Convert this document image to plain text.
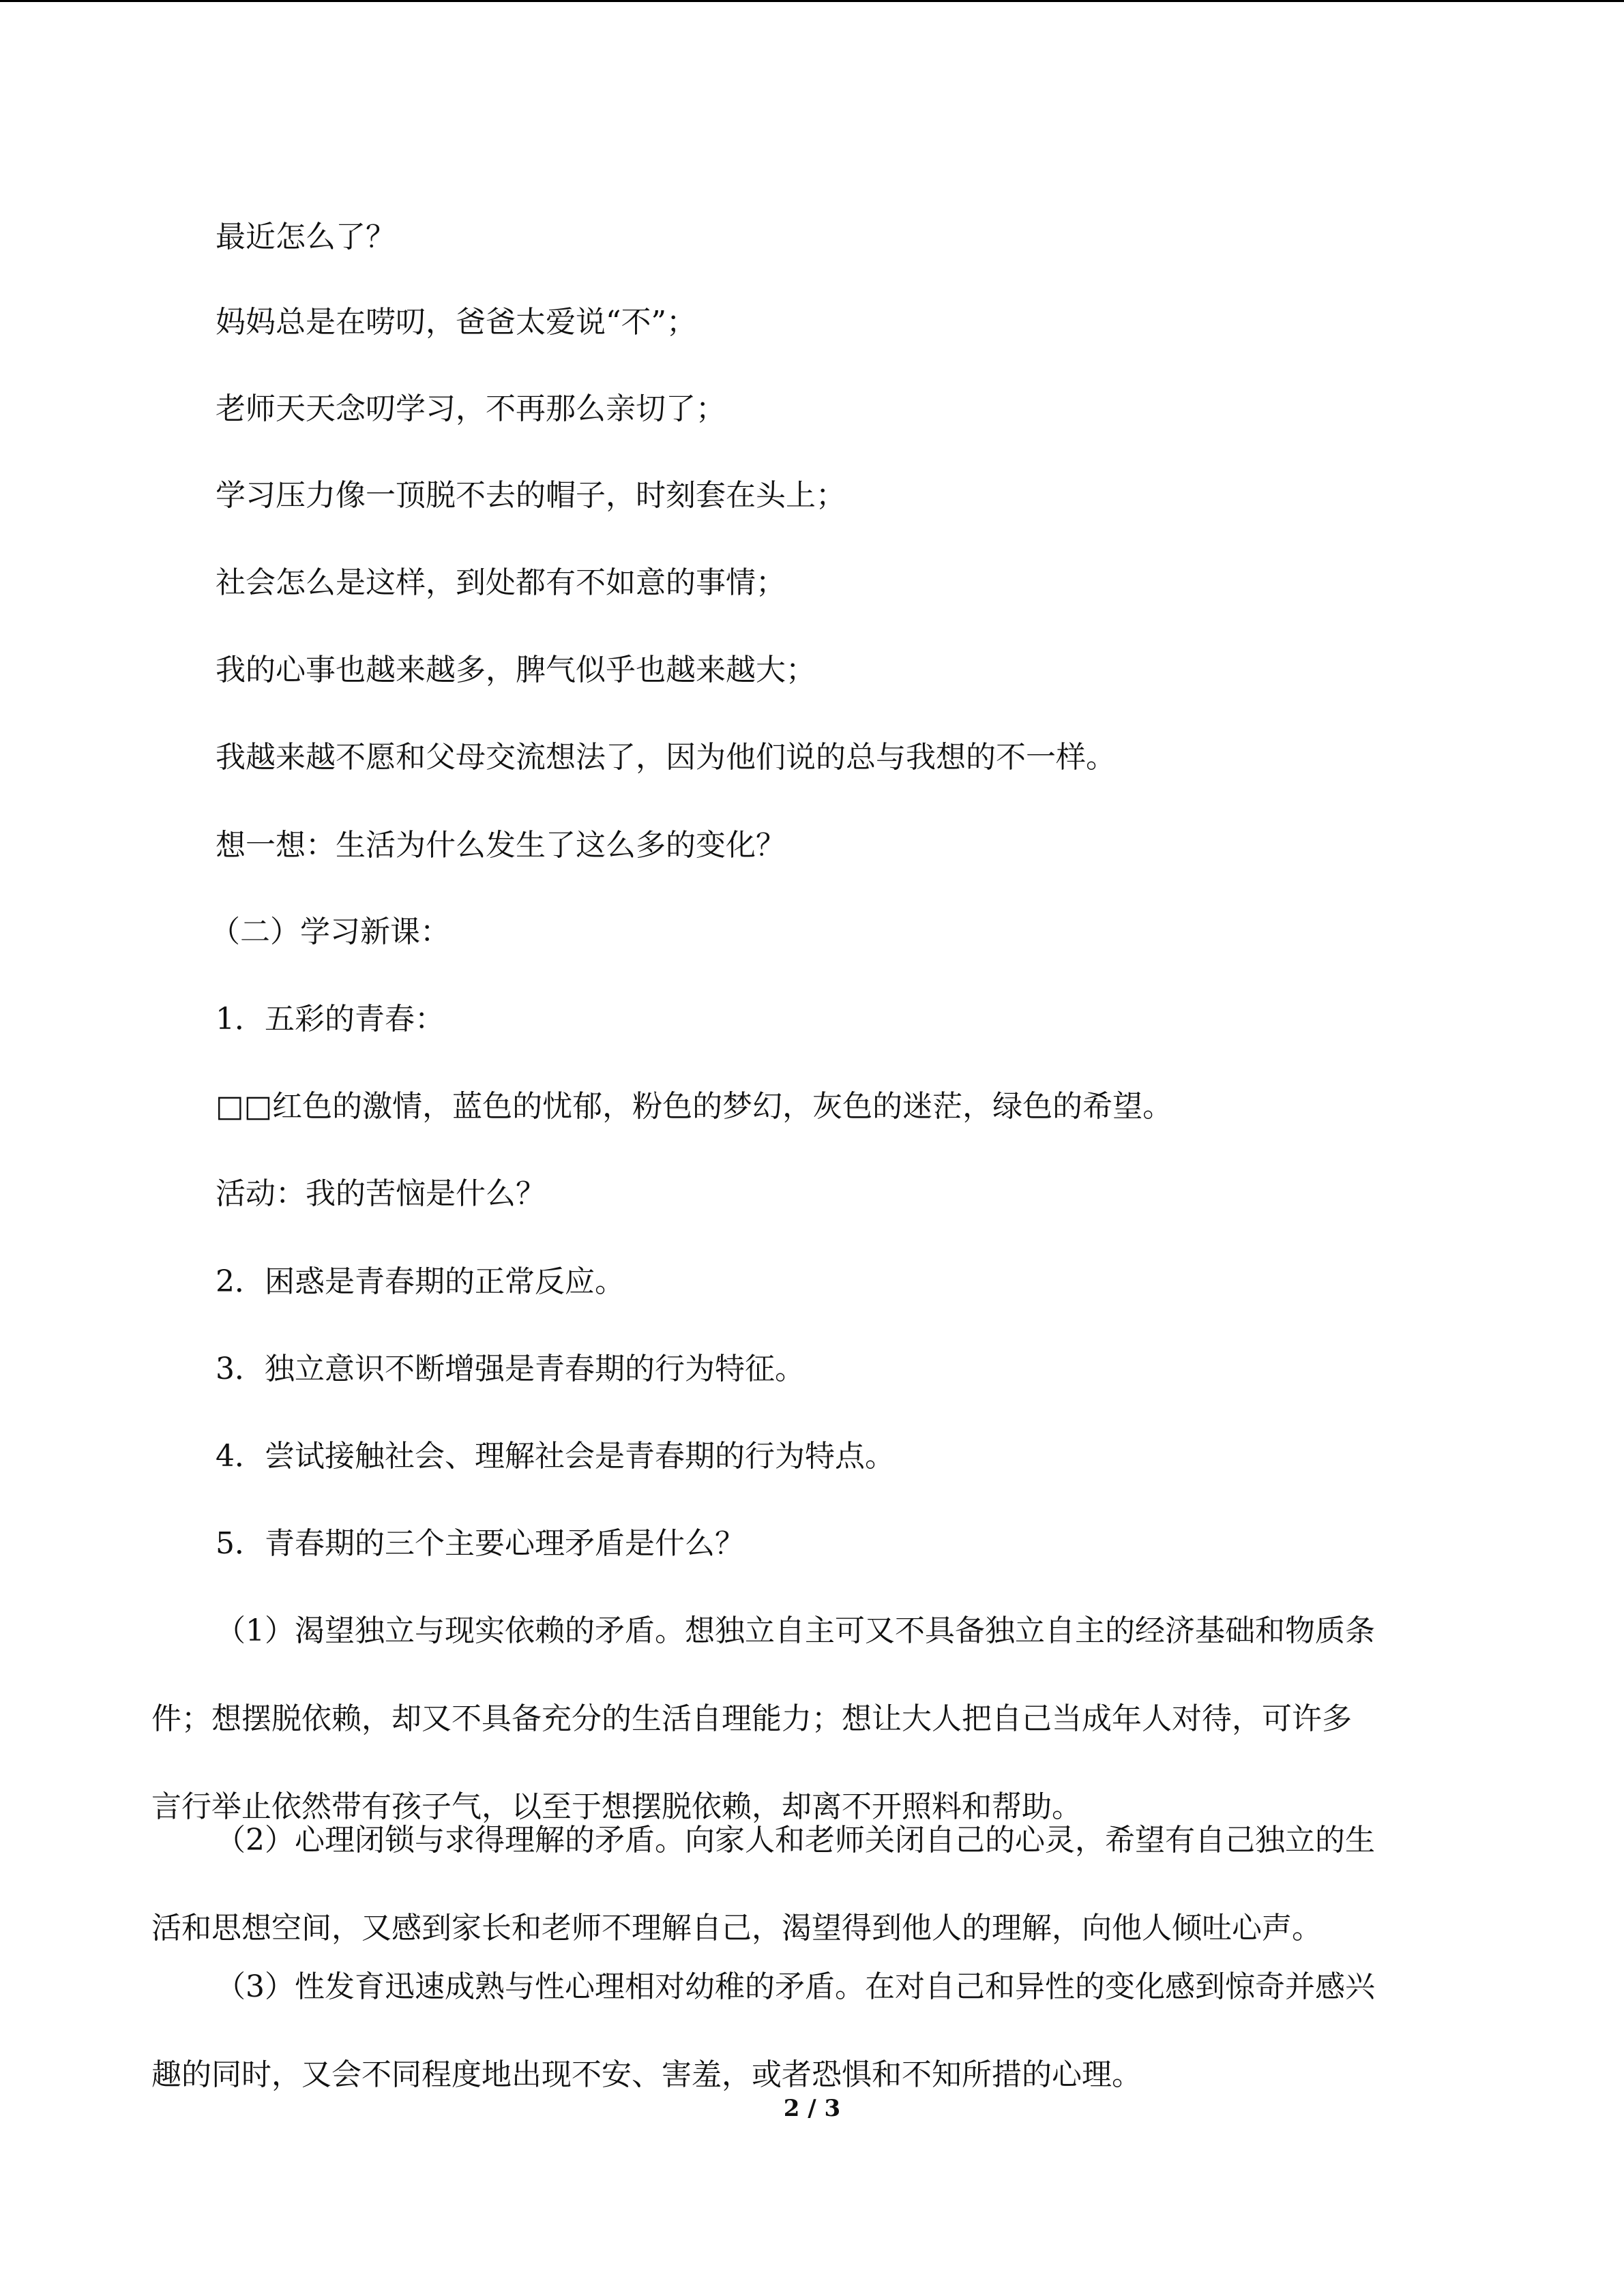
最近怎么了？
妈妈总是在唠叨，爸爸太爱说“不”；
老师天天念叨学习，不再那么亲切了；
学习压力像一顶脱不去的帽子，时刻套在头上；
社会怎么是这样，到处都有不如意的事情；
我的心事也越来越多，脾气似乎也越来越大；
我越来越不愿和父母交流想法了，因为他们说的总与我想的不一样。
想一想：生活为什么发生了这么多的变化？
（二）学习新课：
1．五彩的青春：
□□红色的激情，蓝色的忧郁，粉色的梦幻，灰色的迷茫，绿色的希望。
活动：我的苦恼是什么？
2．困惑是青春期的正常反应。
3．独立意识不断增强是青春期的行为特征。
4．尝试接触社会、理解社会是青春期的行为特点。
5．青春期的三个主要心理矛盾是什么？
（1）渴望独立与现实依赖的矛盾。想独立自主可又不具备独立自主的经济基础和物质条
件；想摆脱依赖，却又不具备充分的生活自理能力；想让大人把自己当成年人对待，可许多
言行举止依然带有孩子气，以至于想摆脱依赖，却离不开照料和帮助。
（2）心理闭锁与求得理解的矛盾。向家人和老师关闭自己的心灵，希望有自己独立的生
活和思想空间，又感到家长和老师不理解自己，渴望得到他人的理解，向他人倾吐心声。
（3）性发育迅速成熟与性心理相对幼稚的矛盾。在对自己和异性的变化感到惊奇并感兴
趣的同时，又会不同程度地出现不安、害羞，或者恐惧和不知所措的心理。
2 / 3
